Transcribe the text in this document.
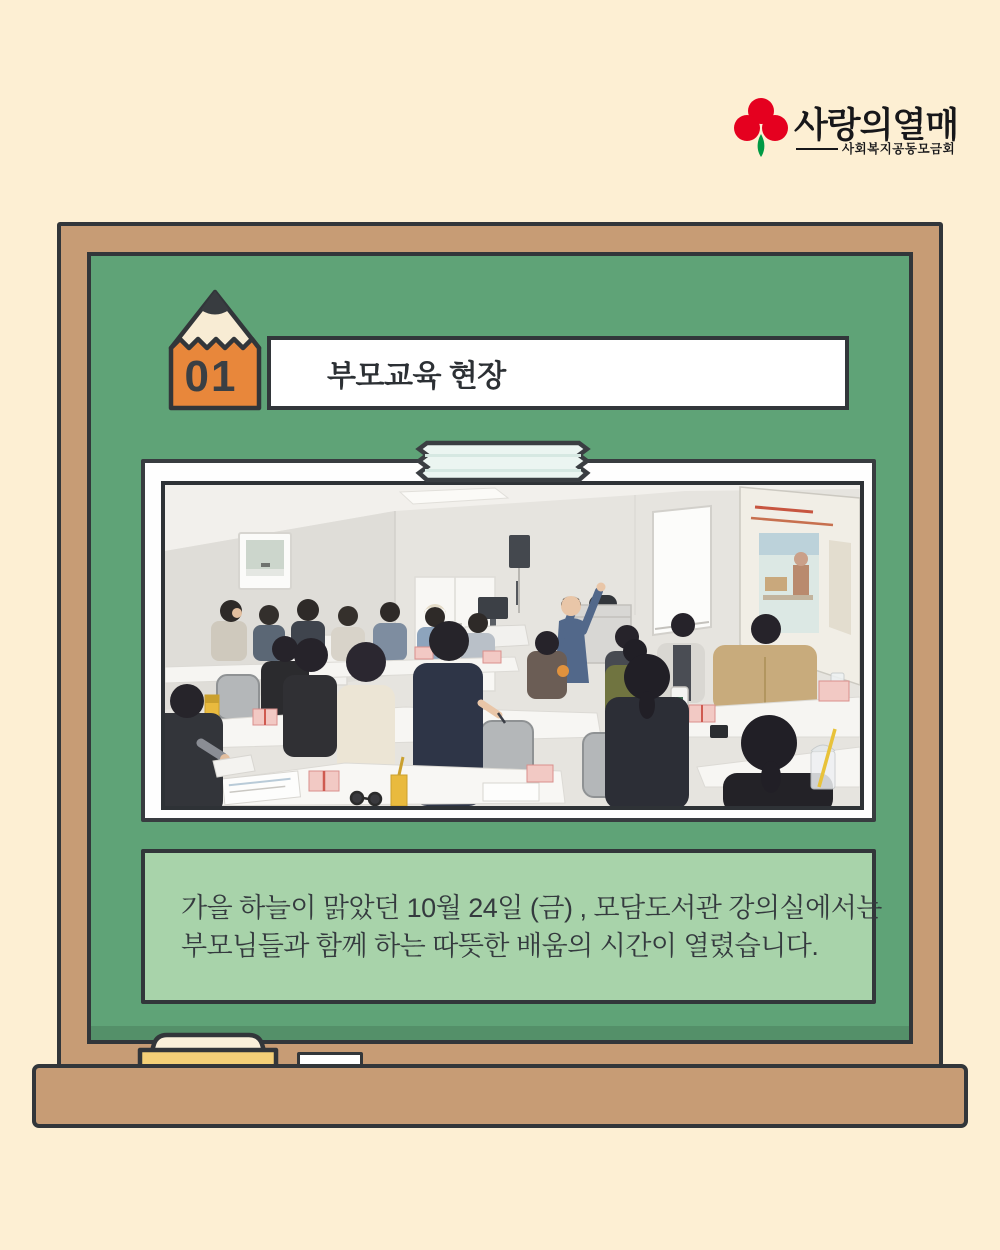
사랑의열매
사회복지공동모금회
01	부모교육 현장
가을 하늘이 맑았던 10월 24일 (금) , 모담도서관 강의실에서는
부모님들과 함께 하는 따뜻한 배움의 시간이 열렸습니다.
